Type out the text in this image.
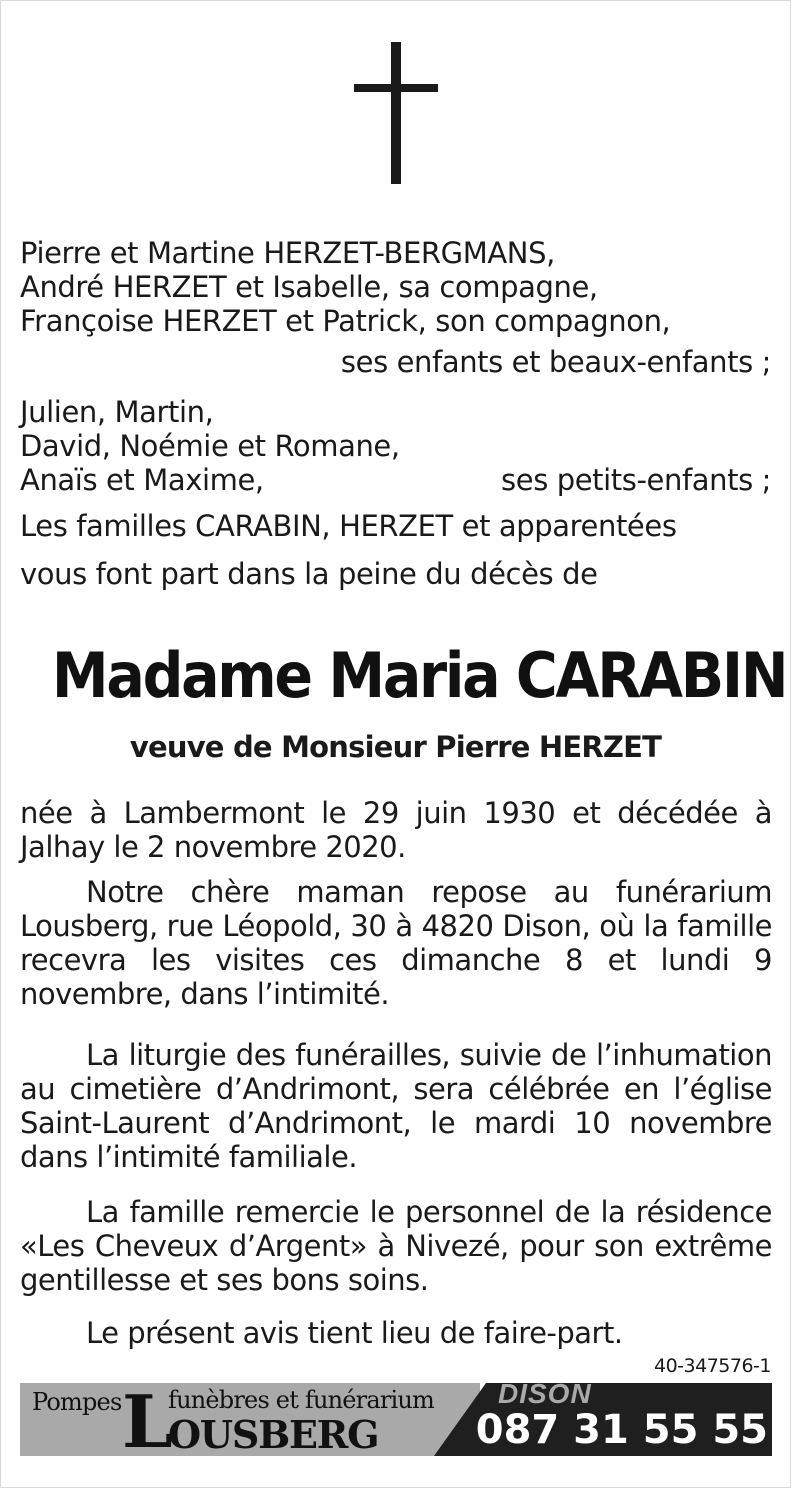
Pierre et Martine HERZET-BERGMANS,
André HERZET et Isabelle, sa compagne,
Françoise HERZET et Patrick, son compagnon,
ses enfants et beaux-enfants ;
Julien, Martin,
David, Noémie et Romane,
Anaïs et Maxime,	ses petits-enfants ;
Les familles CARABIN, HERZET et apparentées
vous font part dans la peine du décès de
Madame Maria CARABIN
veuve de Monsieur Pierre HERZET
née à Lambermont le 29 juin 1930 et décédée à Jalhay le 2 novembre 2020.
Notre chère maman repose au funérarium Lousberg, rue Léopold, 30 à 4820 Dison, où la famille recevra les visites ces dimanche 8 et lundi 9 novembre, dans l’intimité.
La liturgie des funérailles, suivie de l’inhumation au cimetière d’Andrimont, sera célébrée en l’église Saint-Laurent d’Andrimont, le mardi 10 novembre dans l’intimité familiale.
La famille remercie le personnel de la résidence «Les Cheveux d’Argent» à Nivezé, pour son extrême gentillesse et ses bons soins.
Le présent avis tient lieu de faire-part.
40-347576-1
Pompes L
funèbres et funérarium
OUSBERG
DISON
087 31 55 55
